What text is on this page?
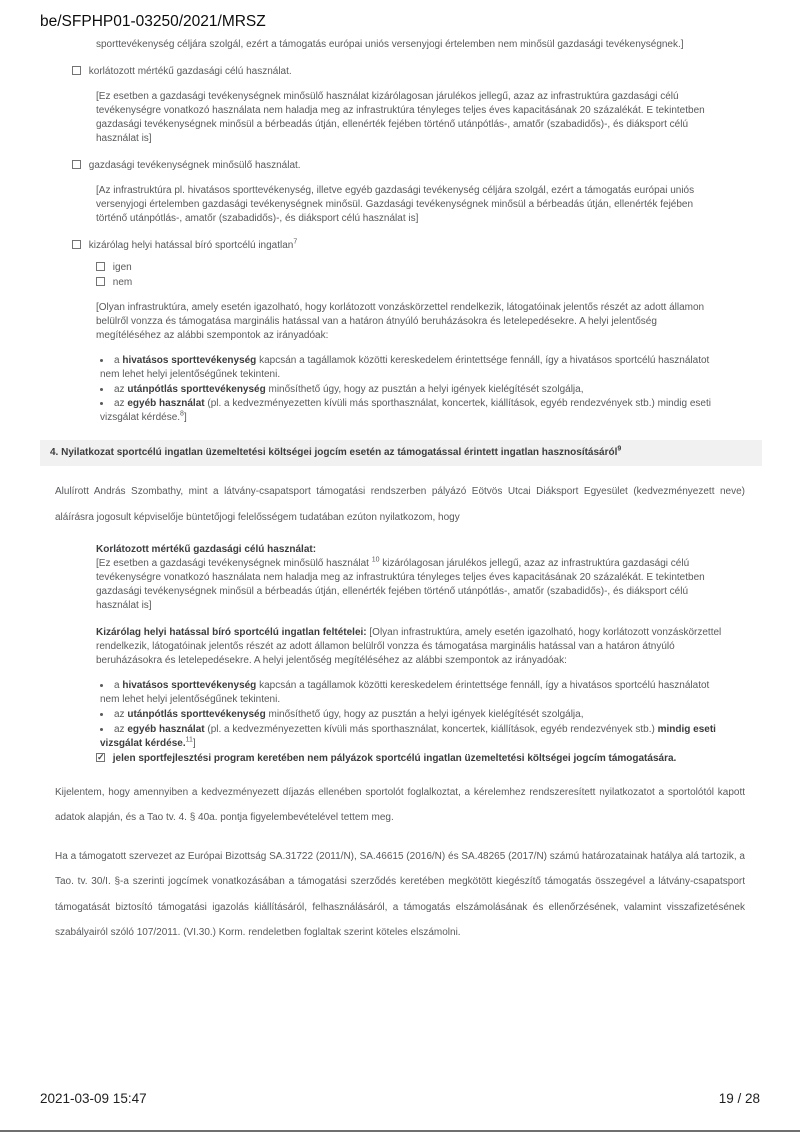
be/SFPHP01-03250/2021/MRSZ

sporttevékenység céljára szolgál, ezért a támogatás európai uniós versenyjogi értelemben nem minősül gazdasági tevékenységnek.]

korlátozott mértékű gazdasági célú használat.

[Ez esetben a gazdasági tevékenységnek minősülő használat kizárólagosan járulékos jellegű, azaz az infrastruktúra gazdasági célú tevékenységre vonatkozó használata nem haladja meg az infrastruktúra tényleges teljes éves kapacitásának 20 százalékát. E tekintetben gazdasági tevékenységnek minősül a bérbeadás útján, ellenérték fejében történő utánpótlás-, amatőr (szabadidős)-, és diáksport célú használat is]

gazdasági tevékenységnek minősülő használat.

[Az infrastruktúra pl. hivatásos sporttevékenység, illetve egyéb gazdasági tevékenység céljára szolgál, ezért a támogatás európai uniós versenyjogi értelemben gazdasági tevékenységnek minősül. Gazdasági tevékenységnek minősül a bérbeadás útján, ellenérték fejében történő utánpótlás-, amatőr (szabadidős)-, és diáksport célú használat is]

kizárólag helyi hatással bíró sportcélú ingatlan$^7$
igen
nem

[Olyan infrastruktúra, amely esetén igazolható, hogy korlátozott vonzáskörzettel rendelkezik, látogatóinak jelentős részét az adott államon belülről vonzza és támogatása marginális hatással van a határon átnyúló beruházásokra és letelepedésekre. A helyi jelentőség megítéléséhez az alábbi szempontok az irányadóak:

• a hivatásos sporttevékenység kapcsán a tagállamok közötti kereskedelem érintettsége fennáll, így a hivatásos sportcélú használatot nem lehet helyi jelentőségűnek tekinteni.
• az utánpótlás sporttevékenység minősíthető úgy, hogy az pusztán a helyi igények kielégítését szolgálja,
• az egyéb használat (pl. a kedvezményezetten kívüli más sporthasználat, koncertek, kiállítások, egyéb rendezvények stb.) mindig eseti vizsgálat kérdése.$^8$]
4. Nyilatkozat sportcélú ingatlan üzemeltetési költségei jogcím esetén az támogatással érintett ingatlan hasznosításáról$^9$

Alulírott András Szombathy, mint a látvány-csapatsport támogatási rendszerben pályázó Eötvös Utcai Diáksport Egyesület (kedvezményezett neve) aláírásra jogosult képviselője büntetőjogi felelősségem tudatában ezúton nyilatkozom, hogy

Korlátozott mértékű gazdasági célú használat:
[Ez esetben a gazdasági tevékenységnek minősülő használat $^{10}$ kizárólagosan járulékos jellegű, azaz az infrastruktúra gazdasági célú tevékenységre vonatkozó használata nem haladja meg az infrastruktúra tényleges teljes éves kapacitásának 20 százalékát. E tekintetben gazdasági tevékenységnek minősül a bérbeadás útján, ellenérték fejében történő utánpótlás-, amatőr (szabadidős)-, és diáksport célú használat is]
Kizárólag helyi hatással bíró sportcélú ingatlan feltételei: [Olyan infrastruktúra, amely esetén igazolható, hogy korlátozott vonzáskörzettel rendelkezik, látogatóinak jelentős részét az adott államon belülről vonzza és támogatása marginális hatással van a határon átnyúló beruházásokra és letelepedésekre. A helyi jelentőség megítéléséhez az alábbi szempontok az irányadóak:
• a hivatásos sporttevékenység kapcsán a tagállamok közötti kereskedelem érintettsége fennáll, így a hivatásos sportcélú használatot nem lehet helyi jelentőségűnek tekinteni.
• az utánpótlás sporttevékenység minősíthető úgy, hogy az pusztán a helyi igények kielégítését szolgálja,
• az egyéb használat (pl. a kedvezményezetten kívüli más sporthasználat, koncertek, kiállítások, egyéb rendezvények stb.) mindig eseti vizsgálat kérdése.$^{11}$]
✓ jelen sportfejlesztési program keretében nem pályázok sportcélú ingatlan üzemeltetési költségei jogcím támogatására.

Kijelentem, hogy amennyiben a kedvezményezett díjazás ellenében sportolót foglalkoztat, a kérelemhez rendszeresített nyilatkozatot a sportolótól kapott adatok alapján, és a Tao tv. 4. § 40a. pontja figyelembevételével tettem meg.

Ha a támogatott szervezet az Európai Bizottság SA.31722 (2011/N), SA.46615 (2016/N) és SA.48265 (2017/N) számú határozatainak hatálya alá tartozik, a Tao. tv. 30/I. §-a szerinti jogcímek vonatkozásában a támogatási szerződés keretében megkötött kiegészítő támogatás összegével a látvány-csapatsport támogatását biztosító támogatási igazolás kiállításáról, felhasználásáról, a támogatás elszámolásának és ellenőrzésének, valamint visszafizetésének szabályairól szóló 107/2011. (VI.30.) Korm. rendeletben foglaltak szerint köteles elszámolni.

2021-03-09 15:47	19 / 28
